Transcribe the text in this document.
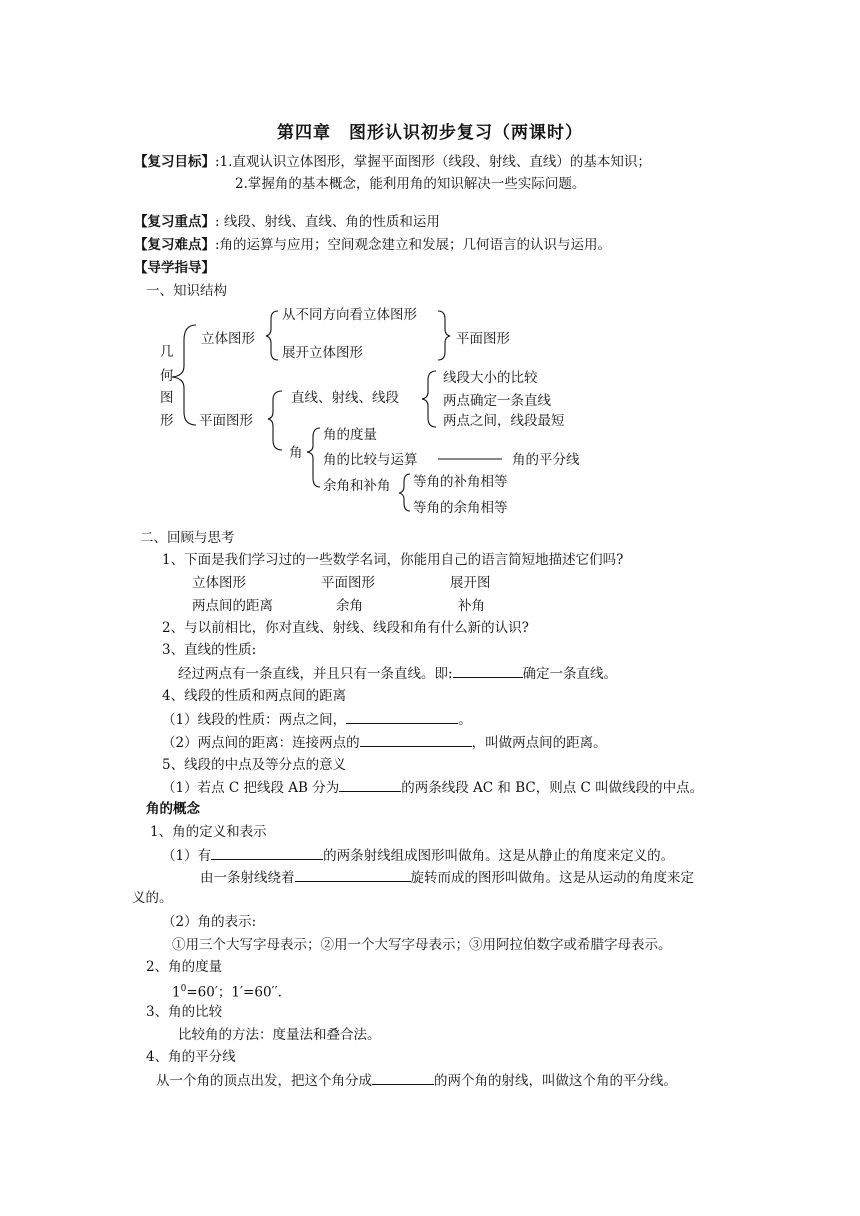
第四章　图形认识初步复习（两课时）
【复习目标】:1.直观认识立体图形，掌握平面图形（线段、射线、直线）的基本知识；
2.掌握角的基本概念，能利用角的知识解决一些实际问题。
【复习重点】: 线段、射线、直线、角的性质和运用
【复习难点】:角的运算与应用；空间观念建立和发展；几何语言的认识与运用。
【导学指导】
一、知识结构
几
何
图
形
立体图形
从不同方向看立体图形
展开立体图形
平面图形
平面图形
直线、射线、线段
线段大小的比较
两点确定一条直线
两点之间，线段最短
角
角的度量
角的比较与运算
余角和补角
角的平分线
等角的补角相等
等角的余角相等
二、回顾与思考
1、下面是我们学习过的一些数学名词，你能用自己的语言简短地描述它们吗?
立体图形	平面图形	展开图
两点间的距离	余角	补角
2、与以前相比，你对直线、射线、线段和角有什么新的认识?
3、直线的性质:
经过两点有一条直线，并且只有一条直线。即:	确定一条直线。
4、线段的性质和两点间的距离
（1）线段的性质：两点之间，	。
（2）两点间的距离：连接两点的	，叫做两点间的距离。
5、线段的中点及等分点的意义
（1）若点 C 把线段 AB 分为	的两条线段 AC 和 BC，则点 C 叫做线段的中点。
角的概念
1、角的定义和表示
（1）有	的两条射线组成图形叫做角。这是从静止的角度来定义的。
由一条射线绕着	旋转而成的图形叫做角。这是从运动的角度来定
义的。
（2）角的表示:
①用三个大写字母表示；②用一个大写字母表示；③用阿拉伯数字或希腊字母表示。
2、角的度量
$1^0=60'$；1′=60′′.
3、角的比较
比较角的方法：度量法和叠合法。
4、角的平分线
从一个角的顶点出发，把这个角分成	的两个角的射线，叫做这个角的平分线。
